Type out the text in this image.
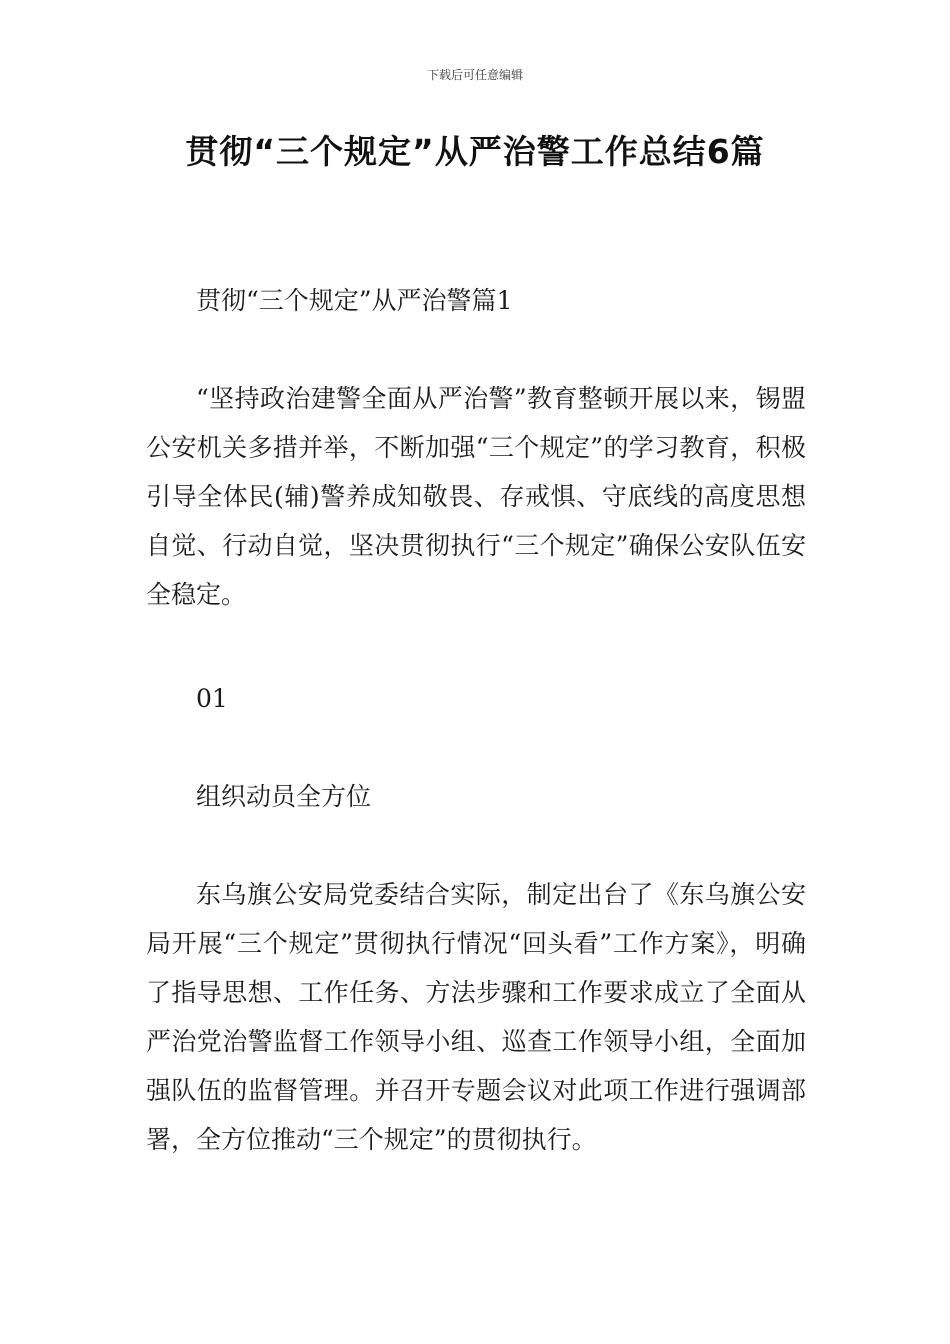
下载后可任意编辑
贯彻“三个规定”从严治警工作总结6篇

贯彻“三个规定”从严治警篇1

“坚持政治建警全面从严治警”教育整顿开展以来，锡盟公安机关多措并举，不断加强“三个规定”的学习教育，积极引导全体民(辅)警养成知敬畏、存戒惧、守底线的高度思想自觉、行动自觉，坚决贯彻执行“三个规定”确保公安队伍安全稳定。

01

组织动员全方位

东乌旗公安局党委结合实际，制定出台了《东乌旗公安局开展“三个规定”贯彻执行情况“回头看”工作方案》，明确了指导思想、工作任务、方法步骤和工作要求成立了全面从严治党治警监督工作领导小组、巡查工作领导小组，全面加强队伍的监督管理。并召开专题会议对此项工作进行强调部署，全方位推动“三个规定”的贯彻执行。
